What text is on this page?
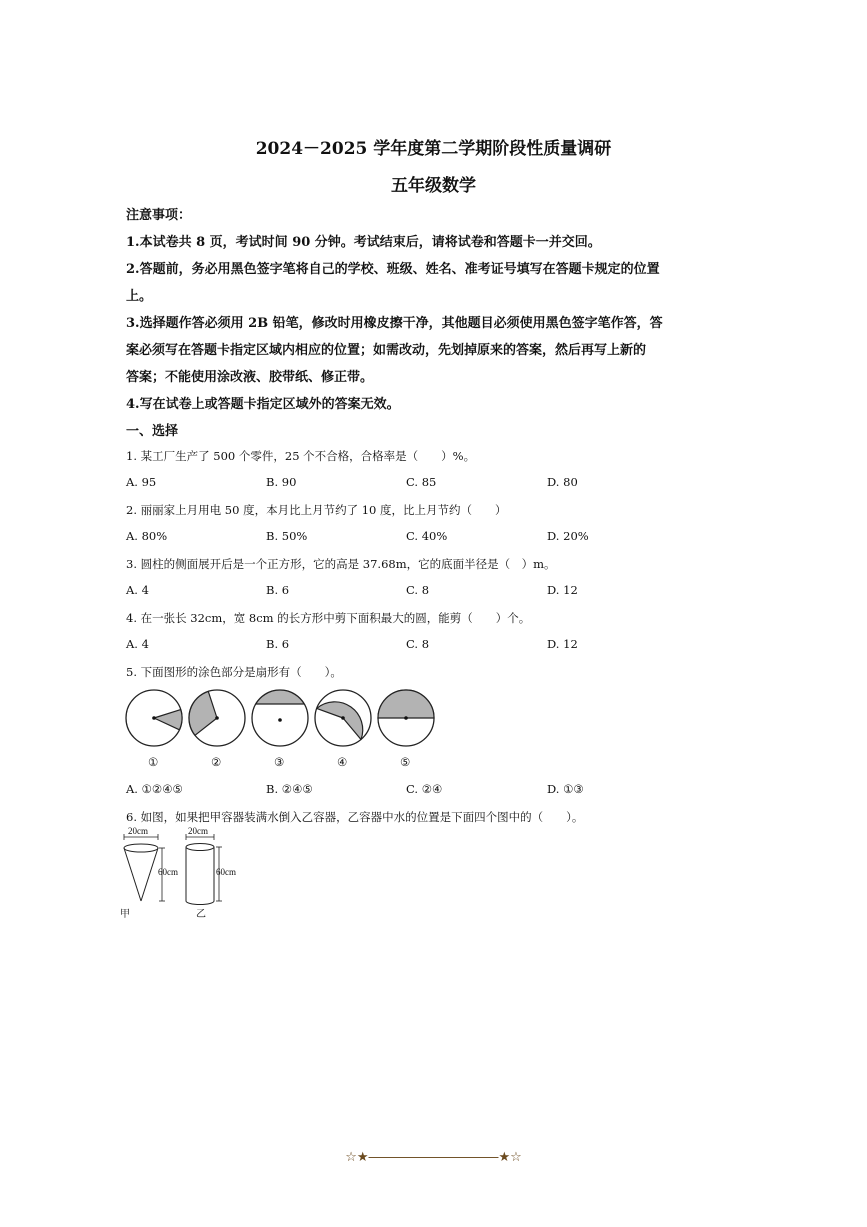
2024－2025 学年度第二学期阶段性质量调研
五年级数学
注意事项：
1.本试卷共 8 页，考试时间 90 分钟。考试结束后，请将试卷和答题卡一并交回。
2.答题前，务必用黑色签字笔将自己的学校、班级、姓名、准考证号填写在答题卡规定的位置
上。
3.选择题作答必须用 2B 铅笔，修改时用橡皮擦干净，其他题目必须使用黑色签字笔作答，答
案必须写在答题卡指定区域内相应的位置；如需改动，先划掉原来的答案，然后再写上新的
答案；不能使用涂改液、胶带纸、修正带。
4.写在试卷上或答题卡指定区域外的答案无效。
一、选择
1. 某工厂生产了 500 个零件，25 个不合格，合格率是（　　）%。
A. 95	B. 90	C. 85	D. 80
2. 丽丽家上月用电 50 度，本月比上月节约了 10 度，比上月节约（　　）
A. 80%	B. 50%	C. 40%	D. 20%
3. 圆柱的侧面展开后是一个正方形，它的高是 37.68m，它的底面半径是（　）m。
A. 4	B. 6	C. 8	D. 12
4. 在一张长 32cm，宽 8cm 的长方形中剪下面积最大的圆，能剪（　　）个。
A. 4	B. 6	C. 8	D. 12
5. 下面图形的涂色部分是扇形有（　　）。
①	②	③	④	⑤
A. ①②④⑤	B. ②④⑤	C. ②④	D. ①③
6. 如图，如果把甲容器装满水倒入乙容器，乙容器中水的位置是下面四个图中的（　　）。
20cm
60cm
甲
20cm
60cm
乙
☆★――――――――――★☆
